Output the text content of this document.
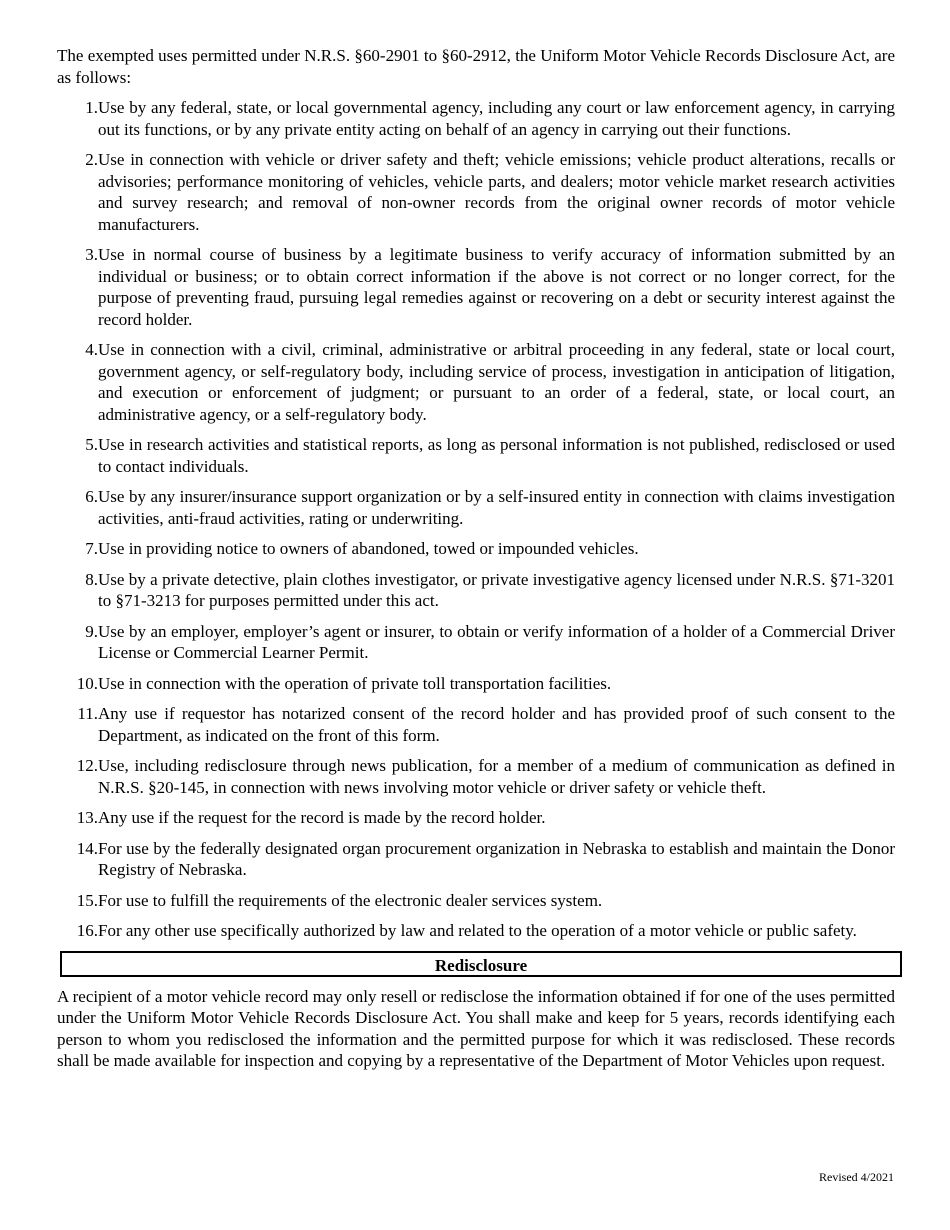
The exempted uses permitted under N.R.S. §60-2901 to §60-2912, the Uniform Motor Vehicle Records Disclosure Act, are as follows:

1. Use by any federal, state, or local governmental agency, including any court or law enforcement agency, in carrying out its functions, or by any private entity acting on behalf of an agency in carrying out their functions.
2. Use in connection with vehicle or driver safety and theft; vehicle emissions; vehicle product alterations, recalls or advisories; performance monitoring of vehicles, vehicle parts, and dealers; motor vehicle market research activities and survey research; and removal of non-owner records from the original owner records of motor vehicle manufacturers.
3. Use in normal course of business by a legitimate business to verify accuracy of information submitted by an individual or business; or to obtain correct information if the above is not correct or no longer correct, for the purpose of preventing fraud, pursuing legal remedies against or recovering on a debt or security interest against the record holder.
4. Use in connection with a civil, criminal, administrative or arbitral proceeding in any federal, state or local court, government agency, or self-regulatory body, including service of process, investigation in anticipation of litigation, and execution or enforcement of judgment; or pursuant to an order of a federal, state, or local court, an administrative agency, or a self-regulatory body.
5. Use in research activities and statistical reports, as long as personal information is not published, redisclosed or used to contact individuals.
6. Use by any insurer/insurance support organization or by a self-insured entity in connection with claims investigation activities, anti-fraud activities, rating or underwriting.
7. Use in providing notice to owners of abandoned, towed or impounded vehicles.
8. Use by a private detective, plain clothes investigator, or private investigative agency licensed under N.R.S. §71-3201 to §71-3213 for purposes permitted under this act.
9. Use by an employer, employer’s agent or insurer, to obtain or verify information of a holder of a Commercial Driver License or Commercial Learner Permit.
10. Use in connection with the operation of private toll transportation facilities.
11. Any use if requestor has notarized consent of the record holder and has provided proof of such consent to the Department, as indicated on the front of this form.
12. Use, including redisclosure through news publication, for a member of a medium of communication as defined in N.R.S. §20-145, in connection with news involving motor vehicle or driver safety or vehicle theft.
13. Any use if the request for the record is made by the record holder.
14. For use by the federally designated organ procurement organization in Nebraska to establish and maintain the Donor Registry of Nebraska.
15. For use to fulfill the requirements of the electronic dealer services system.
16. For any other use specifically authorized by law and related to the operation of a motor vehicle or public safety.
Redisclosure

A recipient of a motor vehicle record may only resell or redisclose the information obtained if for one of the uses permitted under the Uniform Motor Vehicle Records Disclosure Act. You shall make and keep for 5 years, records identifying each person to whom you redisclosed the information and the permitted purpose for which it was redisclosed. These records shall be made available for inspection and copying by a representative of the Department of Motor Vehicles upon request.

Revised 4/2021
